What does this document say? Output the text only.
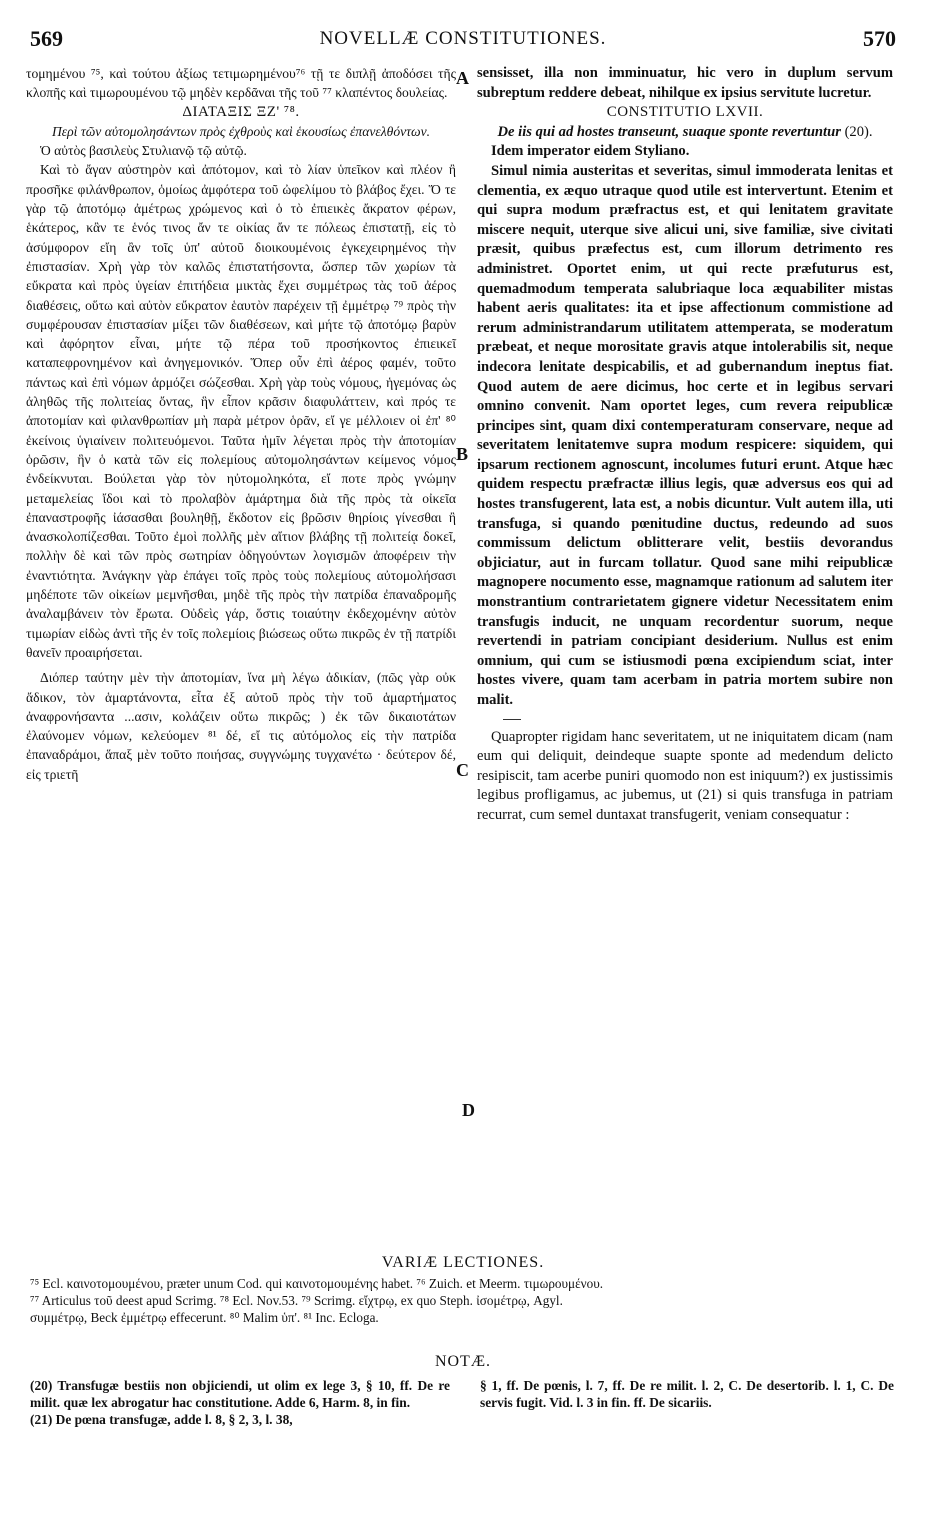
569	NOVELLÆ CONSTITUTIONES.	570

τομημένου ⁷⁵, καὶ τούτου ἀξίως τετιμωρημένου⁷⁶ τῇ τε διπλῇ ἀποδόσει τῆς κλοπῆς καὶ τιμωρουμένου τῷ μηδὲν κερδᾶναι τῆς τοῦ ⁷⁷ κλαπέντος δουλείας.

ΔΙΑΤΑΞΙΣ ΞΖ' ⁷⁸.

Περὶ τῶν αὐτομολησάντων πρὸς ἐχθροὺς καὶ ἑκουσίως ἐπανελθόντων.

Ὁ αὐτὸς βασιλεὺς Στυλιανῷ τῷ αὐτῷ.

Καὶ τὸ ἄγαν αὐστηρὸν καὶ ἀπότομον, καὶ τὸ λίαν ὑπεῖκον καὶ πλέον ἢ προσῆκε φιλάνθρωπον, ὁμοίως ἀμφότερα τοῦ ὠφελίμου τὸ βλάβος ἔχει. Ὅ τε γὰρ τῷ ἀποτόμῳ ἀμέτρως χρώμενος καὶ ὁ τὸ ἐπιεικὲς ἄκρατον φέρων, ἑκάτερος, κἂν τε ἑνός τινος ἄν τε οἰκίας ἄν τε πόλεως ἐπιστατῇ, εἰς τὸ ἀσύμφορον εἴη ἂν τοῖς ὑπ' αὐτοῦ διοικουμένοις ἐγκεχειρημένος τὴν ἐπιστασίαν. Χρὴ γὰρ τὸν καλῶς ἐπιστατήσοντα, ὥσπερ τῶν χωρίων τὰ εὔκρατα καὶ πρὸς ὑγείαν ἐπιτήδεια μικτὰς ἔχει συμμέτρως τὰς τοῦ ἀέρος διαθέσεις, οὕτω καὶ αὐτὸν εὔκρατον ἑαυτὸν παρέχειν τῇ ἐμμέτρῳ ⁷⁹ πρὸς τὴν συμφέρουσαν ἐπιστασίαν μίξει τῶν διαθέσεων, καὶ μήτε τῷ ἀποτόμῳ βαρὺν καὶ ἀφόρητον εἶναι, μήτε τῷ πέρα τοῦ προσήκοντος ἐπιεικεῖ καταπεφρονημένον καὶ ἀνηγεμονικόν. Ὅπερ οὖν ἐπὶ ἀέρος φαμέν, τοῦτο πάντως καὶ ἐπὶ νόμων ἁρμόζει σώζεσθαι. Χρὴ γὰρ τοὺς νόμους, ἡγεμόνας ὡς ἀληθῶς τῆς πολιτείας ὄντας, ἣν εἶπον κρᾶσιν διαφυλάττειν, καὶ πρός τε ἀποτομίαν καὶ φιλανθρωπίαν μὴ παρὰ μέτρον ὁρᾶν, εἴ γε μέλλοιεν οἱ ἐπ' ⁸⁰ ἐκείνοις ὑγιαίνειν πολιτευόμενοι. Ταῦτα ἡμῖν λέγεται πρὸς τὴν ἀποτομίαν ὁρῶσιν, ἣν ὁ κατὰ τῶν εἰς πολεμίους αὐτομολησάντων κείμενος νόμος ἐνδείκνυται. Βούλεται γὰρ τὸν ηὐτομοληκότα, εἴ ποτε πρὸς γνώμην μεταμελείας ἴδοι καὶ τὸ προλαβὸν ἁμάρτημα διὰ τῆς πρὸς τὰ οἰκεῖα ἐπαναστροφῆς ἰάσασθαι βουληθῇ, ἔκδοτον εἰς βρῶσιν θηρίοις γίνεσθαι ἢ ἀνασκολοπίζεσθαι. Τοῦτο ἐμοὶ πολλῆς μὲν αἴτιον βλάβης τῇ πολιτείᾳ δοκεῖ, πολλὴν δὲ καὶ τῶν πρὸς σωτηρίαν ὁδηγούντων λογισμῶν ἀποφέρειν τὴν ἐναντιότητα. Ἀνάγκην γὰρ ἐπάγει τοῖς πρὸς τοὺς πολεμίους αὐτομολήσασι μηδέποτε τῶν οἰκείων μεμνῆσθαι, μηδὲ τῆς πρὸς τὴν πατρίδα ἐπαναδρομῆς ἀναλαμβάνειν τὸν ἔρωτα. Οὐδεὶς γάρ, ὅστις τοιαύτην ἐκδεχομένην αὐτὸν τιμωρίαν εἰδὼς ἀντὶ τῆς ἐν τοῖς πολεμίοις βιώσεως οὕτω πικρῶς ἐν τῇ πατρίδι θανεῖν προαιρήσεται.

Διόπερ ταύτην μὲν τὴν ἀποτομίαν, ἵνα μὴ λέγω ἀδικίαν, (πῶς γὰρ οὐκ ἄδικον, τὸν ἁμαρτάνοντα, εἶτα ἐξ αὐτοῦ πρὸς τὴν τοῦ ἁμαρτήματος ἀναφρονήσαντα ...ασιν, κολάζειν οὕτω πικρῶς; ) ἐκ τῶν δικαιοτάτων ἐλαύνομεν νόμων, κελεύομεν ⁸¹ δέ, εἴ τις αὐτόμολος εἰς τὴν πατρίδα ἐπαναδράμοι, ἅπαξ μὲν τοῦτο ποιήσας, συγγνώμης τυγχανέτω · δεύτερον δέ, εἰς τριετῆ

A
B
C
D

sensisset, illa non imminuatur, hic vero in duplum servum subreptum reddere debeat, nihilque ex ipsius servitute lucretur.

CONSTITUTIO LXVII.

De iis qui ad hostes transeunt, suaque sponte revertuntur (20).

Idem imperator eidem Styliano.

Simul nimia austeritas et severitas, simul immoderata lenitas et clementia, ex æquo utraque quod utile est intervertunt. Etenim et qui supra modum præfractus est, et qui lenitatem gravitate miscere nequit, uterque sive alicui uni, sive familiæ, sive civitati præsit, quibus præfectus est, cum illorum detrimento res administret. Oportet enim, ut qui recte præfuturus est, quemadmodum temperata salubriaque loca æquabiliter mistas habent aeris qualitates: ita et ipse affectionum commistione ad rerum administrandarum utilitatem attemperata, se moderatum præbeat, et neque morositate gravis atque intolerabilis sit, neque indecora lenitate despicabilis, et ad gubernandum ineptus fiat. Quod autem de aere dicimus, hoc certe et in legibus servari omnino convenit. Nam oportet leges, cum revera reipublicæ principes sint, quam dixi contemperaturam conservare, neque ad severitatem lenitatemve supra modum respicere: siquidem, qui ipsarum rectionem agnoscunt, incolumes futuri erunt. Atque hæc quidem respectu præfractæ illius legis, quæ adversus eos qui ad hostes transfugerent, lata est, a nobis dicuntur. Vult autem illa, uti transfuga, si quando pœnitudine ductus, redeundo ad suos commissum delictum oblitterare velit, bestiis devorandus objiciatur, aut in furcam tollatur. Quod sane mihi reipublicæ magnopere nocumento esse, magnamque rationum ad salutem iter monstrantium contrarietatem gignere videtur Necessitatem enim transfugis inducit, ne unquam recordentur suorum, neque revertendi in patriam concipiant desiderium. Nullus est enim omnium, qui cum se istiusmodi pœna excipiendum sciat, inter hostes vivere, quam tam acerbam in patria mortem subire non malit.

Quapropter rigidam hanc severitatem, ut ne iniquitatem dicam (nam eum qui deliquit, deindeque suapte sponte ad medendum delicto resipiscit, tam acerbe puniri quomodo non est iniquum?) ex justissimis legibus profligamus, ac jubemus, ut (21) si quis transfuga in patriam recurrat, cum semel duntaxat transfugerit, veniam consequatur :

VARIÆ LECTIONES.

⁷⁵ Ecl. καινοτομουμένου, præter unum Cod. qui καινοτομουμένης habet. ⁷⁶ Zuich. et Meerm. τιμωρουμένου.

⁷⁷ Articulus τοῦ deest apud Scrimg. ⁷⁸ Ecl. Nov.53. ⁷⁹ Scrimg. εἴχτρῳ, ex quo Steph. ἰσομέτρῳ, Agyl.

συμμέτρῳ, Beck ἐμμέτρῳ effecerunt. ⁸⁰ Malim ὑπ'. ⁸¹ Inc. Ecloga.

NOTÆ.

(20) Transfugæ bestiis non objiciendi, ut olim ex lege 3, § 10, ff. De re milit. quæ lex abrogatur hac constitutione. Adde 6, Harm. 8, in fin.

(21) De pœna transfugæ, adde l. 8, § 2, 3, l. 38,

§ 1, ff. De pœnis, l. 7, ff. De re milit. l. 2, C. De desertorib. l. 1, C. De servis fugit. Vid. l. 3 in fin. ff. De sicariis.
